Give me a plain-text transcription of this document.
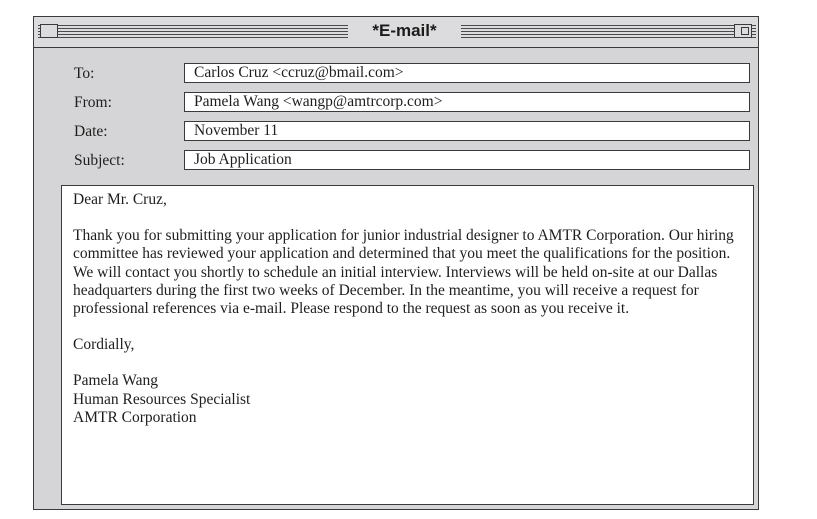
*E-mail*
To:	Carlos Cruz <ccruz@bmail.com>
From:	Pamela Wang <wangp@amtrcorp.com>
Date:	November 11
Subject:	Job Application

Dear Mr. Cruz,

Thank you for submitting your application for junior industrial designer to AMTR Corporation. Our hiring committee has reviewed your application and determined that you meet the qualifications for the position. We will contact you shortly to schedule an initial interview. Interviews will be held on-site at our Dallas headquarters during the first two weeks of December. In the meantime, you will receive a request for professional references via e-mail. Please respond to the request as soon as you receive it.

Cordially,

Pamela Wang
Human Resources Specialist
AMTR Corporation
